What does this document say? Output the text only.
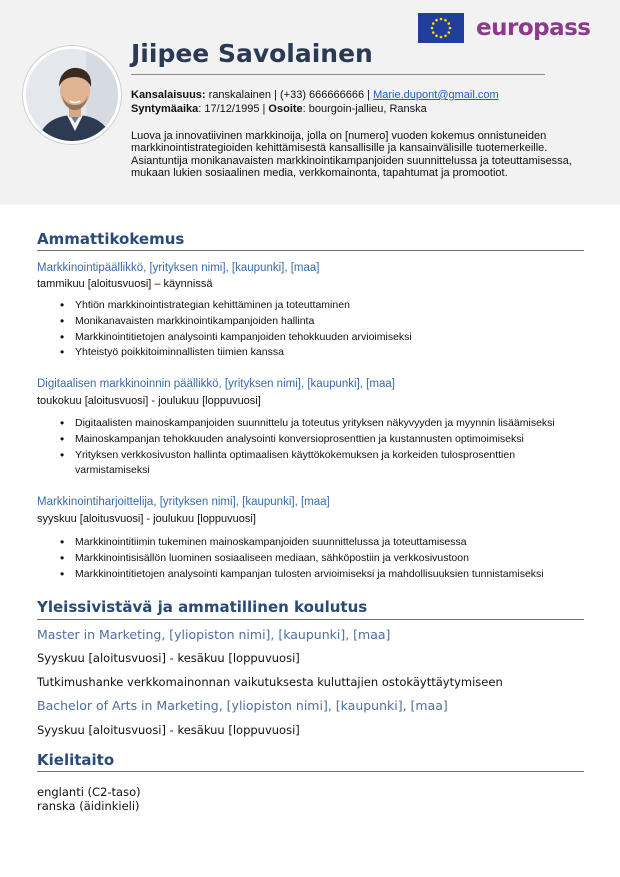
europass
Jiipee Savolainen
Kansalaisuus: ranskalainen | (+33) 666666666 | Marie.dupont@gmail.com
Syntymäaika: 17/12/1995 | Osoite: bourgoin-jallieu, Ranska
Luova ja innovatiivinen markkinoija, jolla on [numero] vuoden kokemus onnistuneiden markkinointistrategioiden kehittämisestä kansallisille ja kansainvälisille tuotemerkeille. Asiantuntija monikanavaisten markkinointikampanjoiden suunnittelussa ja toteuttamisessa, mukaan lukien sosiaalinen media, verkkomainonta, tapahtumat ja promootiot.
Ammattikokemus
Markkinointipäällikkö, [yrityksen nimi], [kaupunki], [maa]
tammikuu [aloitusvuosi] – käynnissä
• Yhtiön markkinointistrategian kehittäminen ja toteuttaminen
• Monikanavaisten markkinointikampanjoiden hallinta
• Markkinointitietojen analysointi kampanjoiden tehokkuuden arvioimiseksi
• Yhteistyö poikkitoiminnallisten tiimien kanssa
Digitaalisen markkinoinnin päällikkö, [yrityksen nimi], [kaupunki], [maa]
toukokuu [aloitusvuosi] - joulukuu [loppuvuosi]
• Digitaalisten mainoskampanjoiden suunnittelu ja toteutus yrityksen näkyvyyden ja myynnin lisäämiseksi
• Mainoskampanjan tehokkuuden analysointi konversioprosenttien ja kustannusten optimoimiseksi
• Yrityksen verkkosivuston hallinta optimaalisen käyttökokemuksen ja korkeiden tulosprosenttien varmistamiseksi
Markkinointiharjoittelija, [yrityksen nimi], [kaupunki], [maa]
syyskuu [aloitusvuosi] - joulukuu [loppuvuosi]
• Markkinointitiimin tukeminen mainoskampanjoiden suunnittelussa ja toteuttamisessa
• Markkinointisisällön luominen sosiaaliseen mediaan, sähköpostiin ja verkkosivustoon
• Markkinointitietojen analysointi kampanjan tulosten arvioimiseksi ja mahdollisuuksien tunnistamiseksi
Yleissivistävä ja ammatillinen koulutus
Master in Marketing, [yliopiston nimi], [kaupunki], [maa]
Syyskuu [aloitusvuosi] - kesäkuu [loppuvuosi]
Tutkimushanke verkkomainonnan vaikutuksesta kuluttajien ostokäyttäytymiseen
Bachelor of Arts in Marketing, [yliopiston nimi], [kaupunki], [maa]
Syyskuu [aloitusvuosi] - kesäkuu [loppuvuosi]
Kielitaito
englanti (C2-taso)
ranska (äidinkieli)
